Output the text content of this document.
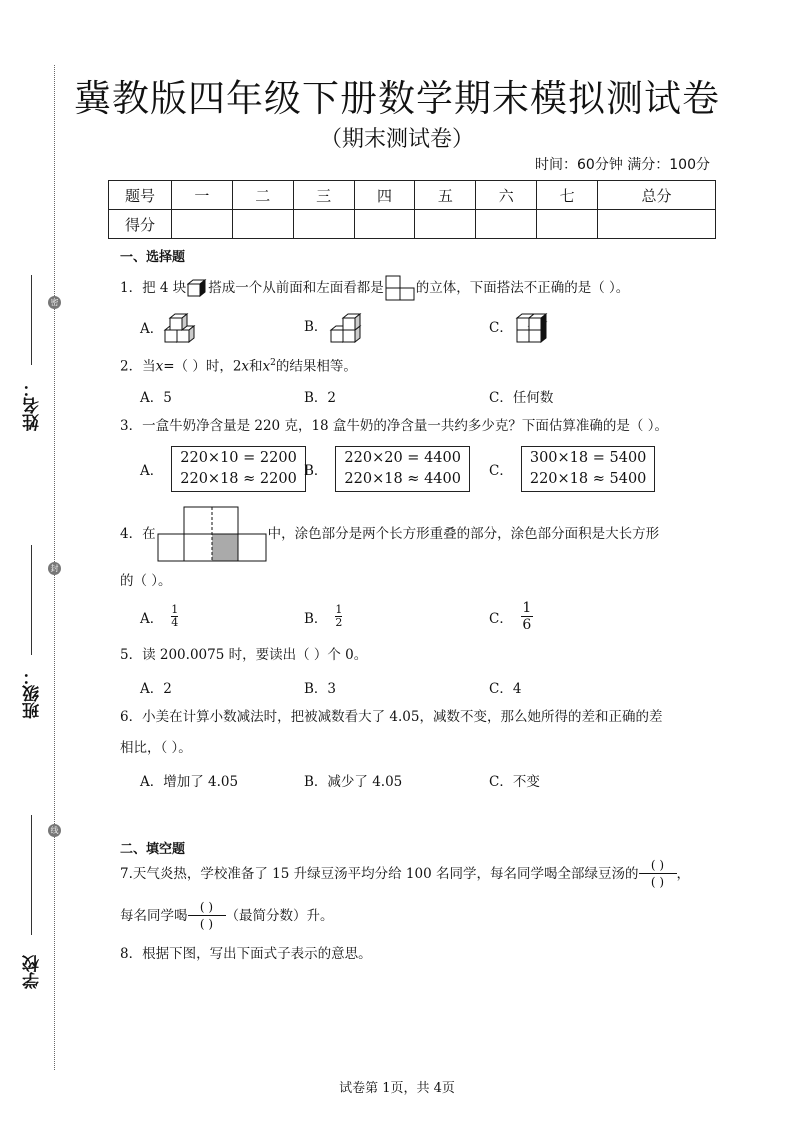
密
封
线
姓名：
班级：
学校
冀教版四年级下册数学期末模拟测试卷
（期末测试卷）
时间：60分钟 满分：100分
题号	一	二	三	四	五	六	七	总分
得分								
一、选择题
1．把 4 块 搭成一个从前面和左面看都是 的立体，下面搭法不正确的是（ ）。
A．	B．	C．
2．当x=（ ）时，2x和$x^2$的结果相等。
A．5	B．2	C．任何数
3．一盒牛奶净含量是 220 克，18 盒牛奶的净含量一共约多少克？下面估算准确的是（ ）。
A．
220×10 = 2200
220×18 ≈ 2200 B．
220×20 = 4400
220×18 ≈ 4400 C．
300×18 = 5400
220×18 ≈ 5400
4．在	中，涂色部分是两个长方形重叠的部分，涂色部分面积是大长方形
的（ ）。
A． $\frac{1}{4}$	B． $\frac{1}{2}$	C． $\frac{1}{6}$
5．读 200.0075 时，要读出（ ）个 0。
A．2	B．3	C．4
6．小美在计算小数减法时，把被减数看大了 4.05，减数不变，那么她所得的差和正确的差
相比，（ ）。
A．增加了 4.05	B．减少了 4.05	C．不变
二、填空题
7.天气炎热，学校准备了 15 升绿豆汤平均分给 100 名同学，每名同学喝全部绿豆汤的
( )
( )
，
每名同学喝
( )
( )
（最简分数）升。
8．根据下图，写出下面式子表示的意思。
试卷第 1页，共 4页
